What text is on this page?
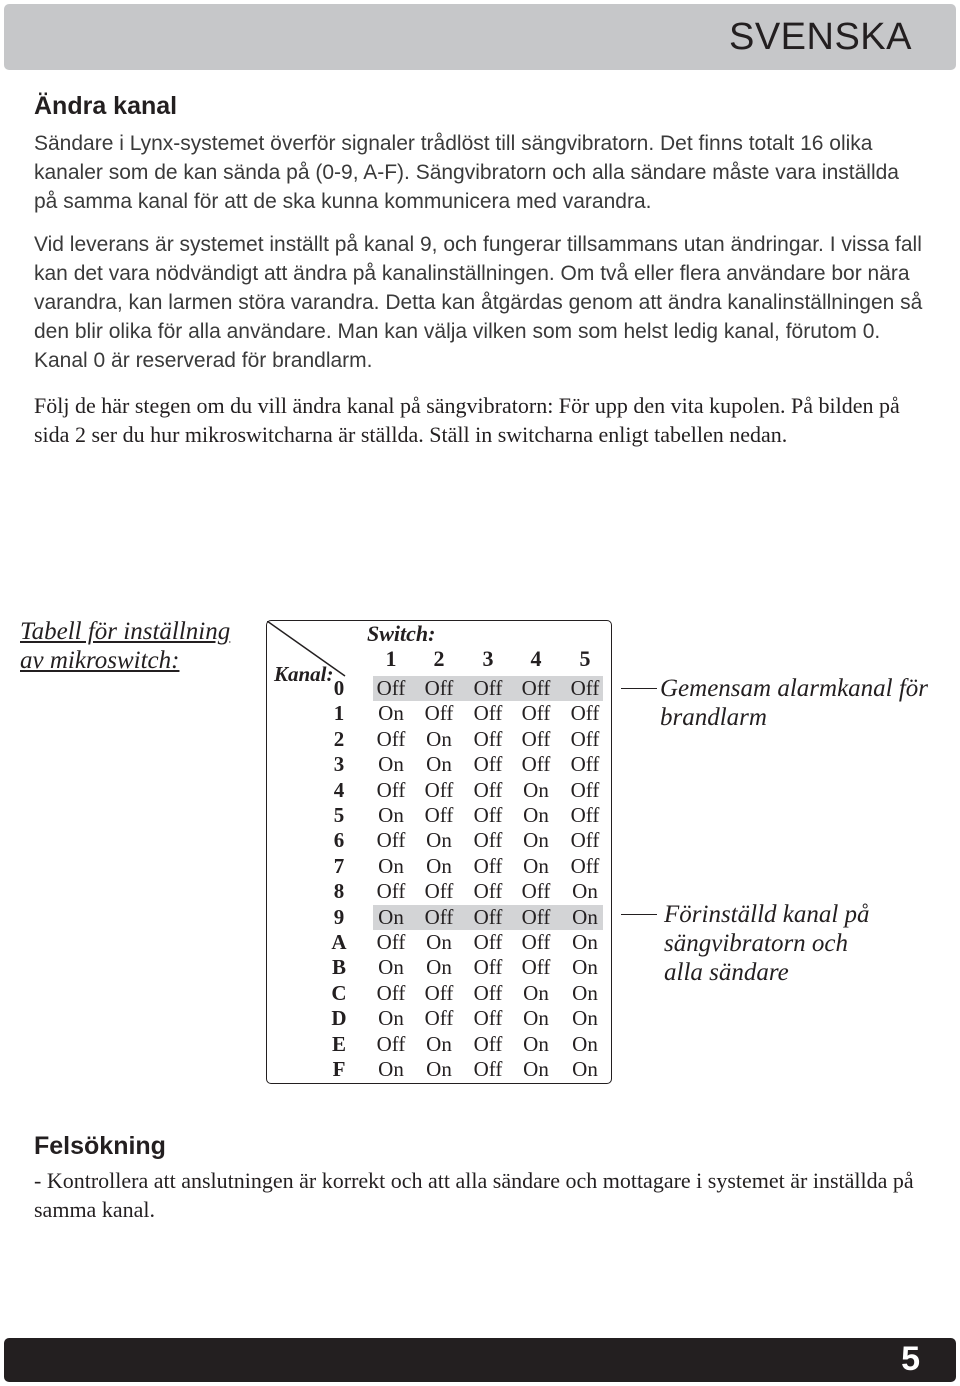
SVENSKA
Ändra kanal

Sändare i Lynx-systemet överför signaler trådlöst till sängvibratorn. Det finns totalt 16 olika kanaler som de kan sända på (0-9, A-F). Sängvibratorn och alla sändare måste vara inställda på samma kanal för att de ska kunna kommunicera med varandra.

Vid leverans är systemet inställt på kanal 9, och fungerar tillsammans utan ändringar. I vissa fall kan det vara nödvändigt att ändra på kanalinställningen. Om två eller flera användare bor nära varandra, kan larmen störa varandra. Detta kan åtgärdas genom att ändra kanalinställningen så den blir olika för alla användare. Man kan välja vilken som som helst ledig kanal, förutom 0. Kanal 0 är reserverad för brandlarm.

Följ de här stegen om du vill ändra kanal på sängvibratorn: För upp den vita kupolen. På bilden på sida 2 ser du hur mikroswitcharna är ställda. Ställ in switcharna enligt tabellen nedan.

Tabell för inställning av mikroswitch:
Switch:
Kanal:
1	2	3	4	5
0	Off Off Off Off Off
1	On Off Off Off Off
2	Off On	Off Off Off
3	On	On	Off Off Off
4	Off Off Off On	Off
5	On Off Off On	Off
6	Off On	Off On	Off
7	On	On	Off On	Off
8	Off Off Off Off	On
9	On Off Off Off	On
A	Off On	Off Off	On
B	On	On	Off Off	On
C	Off Off Off On	On
D	On Off Off On	On
E	Off On	Off On	On
F	On	On	Off On	On
Gemensam alarmkanal för brandlarm
Förinställd kanal på sängvibratorn och alla sändare
Felsökning

- Kontrollera att anslutningen är korrekt och att alla sändare och mottagare i systemet är inställda på samma kanal.

5
